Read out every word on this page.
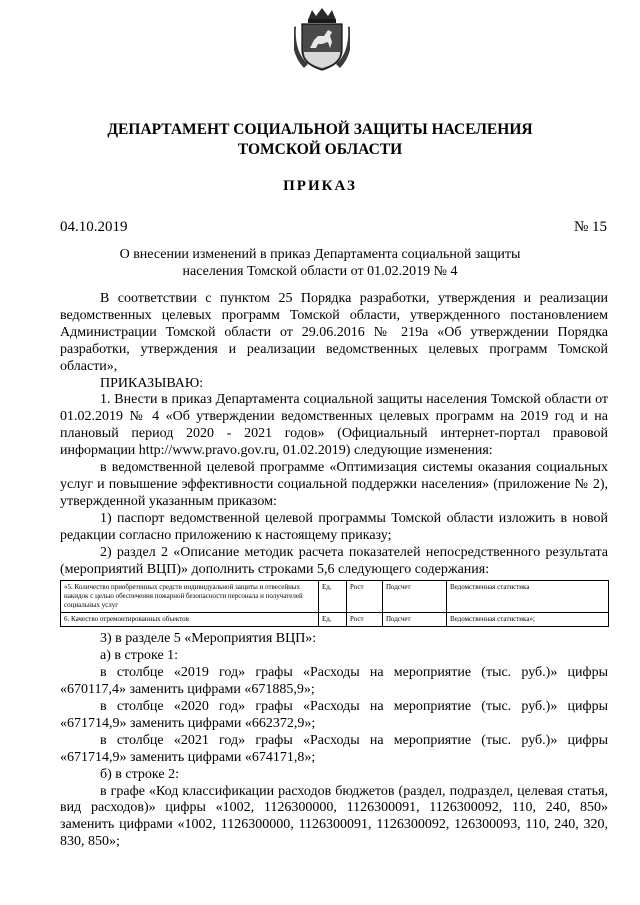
ДЕПАРТАМЕНТ СОЦИАЛЬНОЙ ЗАЩИТЫ НАСЕЛЕНИЯ
ТОМСКОЙ ОБЛАСТИ
ПРИКАЗ
04.10.2019	№ 15
О внесении изменений в приказ Департамента социальной защиты
населения Томской области от 01.02.2019 № 4

В соответствии с пунктом 25 Порядка разработки, утверждения и реализации ведомственных целевых программ Томской области, утвержденного постановлением Администрации Томской области от 29.06.2016 № 219а «Об утверждении Порядка разработки, утверждения и реализации ведомственных целевых программ Томской области»,

ПРИКАЗЫВАЮ:

1. Внести в приказ Департамента социальной защиты населения Томской области от 01.02.2019 № 4 «Об утверждении ведомственных целевых программ на 2019 год и на плановый период 2020 - 2021 годов» (Официальный интернет-портал правовой информации http://www.pravo.gov.ru, 01.02.2019) следующие изменения:

в ведомственной целевой программе «Оптимизация системы оказания социальных услуг и повышение эффективности социальной поддержки населения» (приложение № 2), утвержденной указанным приказом:

1) паспорт ведомственной целевой программы Томской области изложить в новой редакции согласно приложению к настоящему приказу;

2) раздел 2 «Описание методик расчета показателей непосредственного результата (мероприятий ВЦП)» дополнить строками 5,6 следующего содержания:

«5. Количество приобретенных средств индивидуальной защиты и отвесейных накидок с целью обеспечения пожарной безопасности персонала и получателей социальных услуг	Ед.	Рост	Подсчет	Ведомственная статистика
6. Качество отремонтированных объектов	Ед.	Рост	Подсчет	Ведомственная статистика»;

3) в разделе 5 «Мероприятия ВЦП»:

а) в строке 1:

в столбце «2019 год» графы «Расходы на мероприятие (тыс. руб.)» цифры «670117,4» заменить цифрами «671885,9»;

в столбце «2020 год» графы «Расходы на мероприятие (тыс. руб.)» цифры «671714,9» заменить цифрами «662372,9»;

в столбце «2021 год» графы «Расходы на мероприятие (тыс. руб.)» цифры «671714,9» заменить цифрами «674171,8»;

б) в строке 2:

в графе «Код классификации расходов бюджетов (раздел, подраздел, целевая статья, вид расходов)» цифры «1002, 1126300000, 1126300091, 1126300092, 110, 240, 850» заменить цифрами «1002, 1126300000, 1126300091, 1126300092, 126300093, 110, 240, 320, 830, 850»;
